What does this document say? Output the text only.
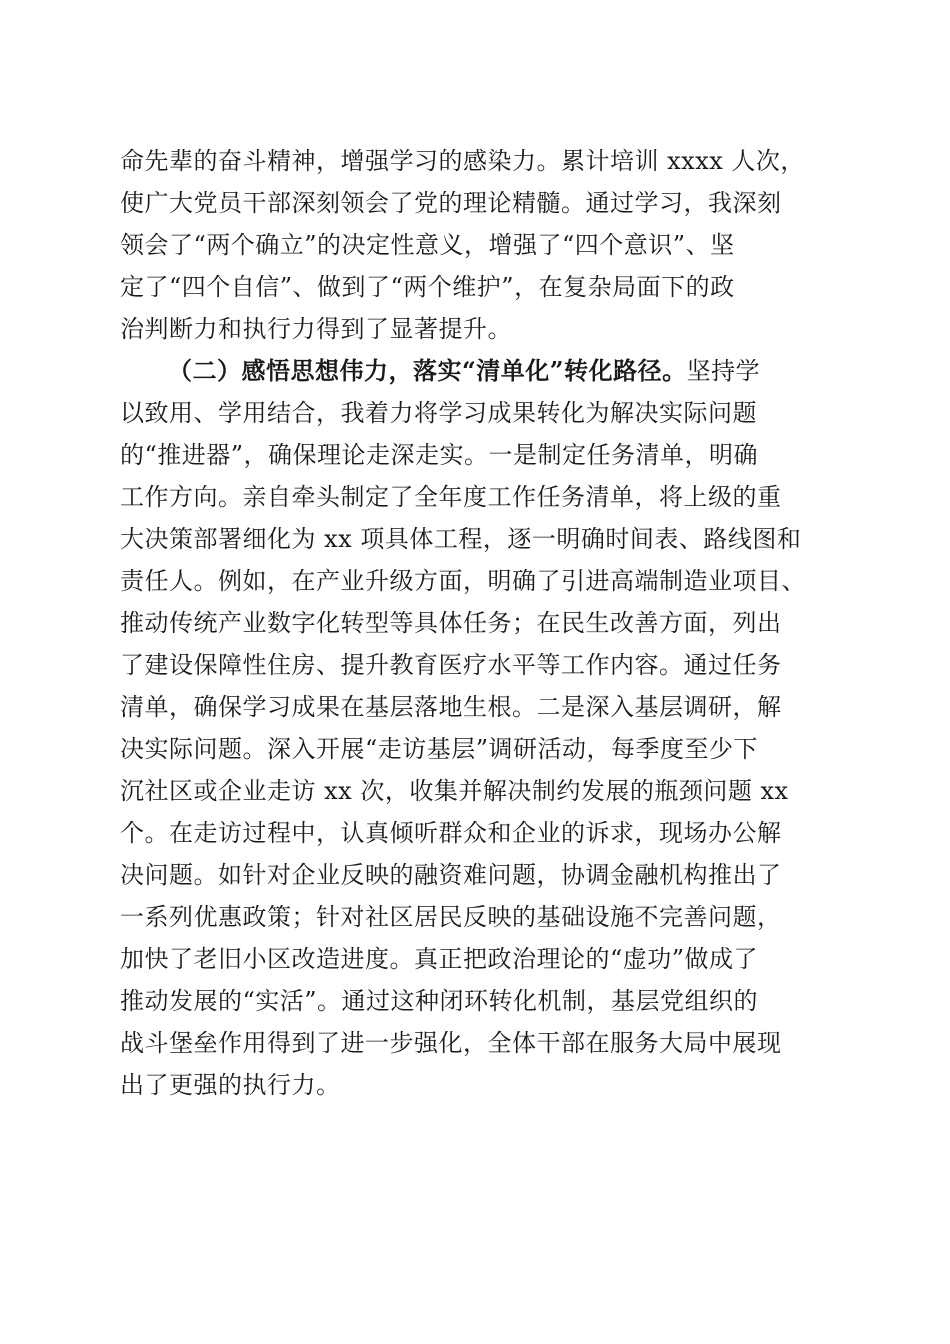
命先辈的奋斗精神，增强学习的感染力。累计培训 xxxx 人次，
使广大党员干部深刻领会了党的理论精髓。通过学习，我深刻
领会了“两个确立”的决定性意义，增强了“四个意识”、坚
定了“四个自信”、做到了“两个维护”，在复杂局面下的政
治判断力和执行力得到了显著提升。
（二）感悟思想伟力，落实“清单化”转化路径。坚持学
以致用、学用结合，我着力将学习成果转化为解决实际问题
的“推进器”，确保理论走深走实。一是制定任务清单，明确
工作方向。亲自牵头制定了全年度工作任务清单，将上级的重
大决策部署细化为 xx 项具体工程，逐一明确时间表、路线图和
责任人。例如，在产业升级方面，明确了引进高端制造业项目、
推动传统产业数字化转型等具体任务；在民生改善方面，列出
了建设保障性住房、提升教育医疗水平等工作内容。通过任务
清单，确保学习成果在基层落地生根。二是深入基层调研，解
决实际问题。深入开展“走访基层”调研活动，每季度至少下
沉社区或企业走访 xx 次，收集并解决制约发展的瓶颈问题 xx
个。在走访过程中，认真倾听群众和企业的诉求，现场办公解
决问题。如针对企业反映的融资难问题，协调金融机构推出了
一系列优惠政策；针对社区居民反映的基础设施不完善问题，
加快了老旧小区改造进度。真正把政治理论的“虚功”做成了
推动发展的“实活”。通过这种闭环转化机制，基层党组织的
战斗堡垒作用得到了进一步强化，全体干部在服务大局中展现
出了更强的执行力。
